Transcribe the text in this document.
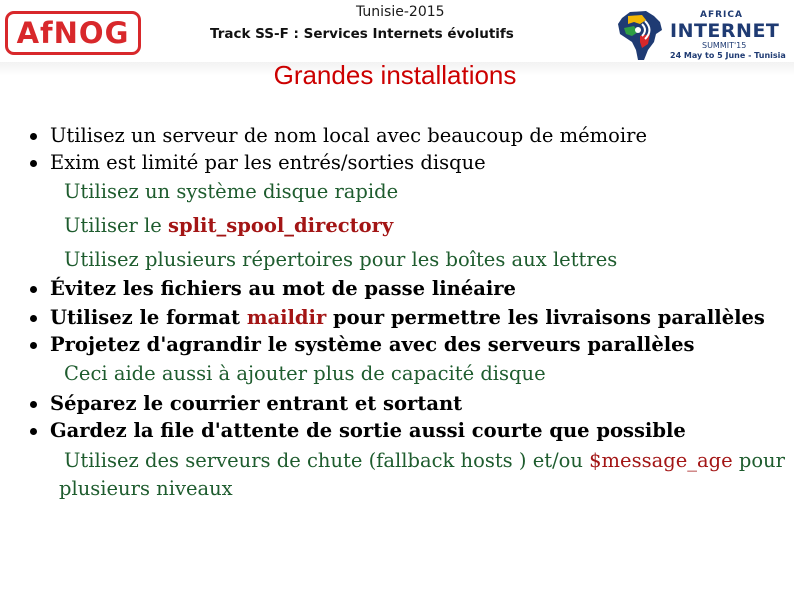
AfNOG
Tunisie-2015
Track SS-F : Services Internets évolutifs
AFRICA
INTERNET
SUMMIT'15
24 May to 5 June - Tunisia
Grandes installations
Utilisez un serveur de nom local avec beaucoup de mémoire
Exim est limité par les entrés/sorties disque
Utilisez un système disque rapide
Utiliser le split_spool_directory
Utilisez plusieurs répertoires pour les boîtes aux lettres
Évitez les fichiers au mot de passe linéaire
Utilisez le format maildir pour permettre les livraisons parallèles
Projetez d'agrandir le système avec des serveurs parallèles
Ceci aide aussi à ajouter plus de capacité disque
Séparez le courrier entrant et sortant
Gardez la file d'attente de sortie aussi courte que possible
Utilisez des serveurs de chute (fallback hosts ) et/ou $message_age pour
plusieurs niveaux
